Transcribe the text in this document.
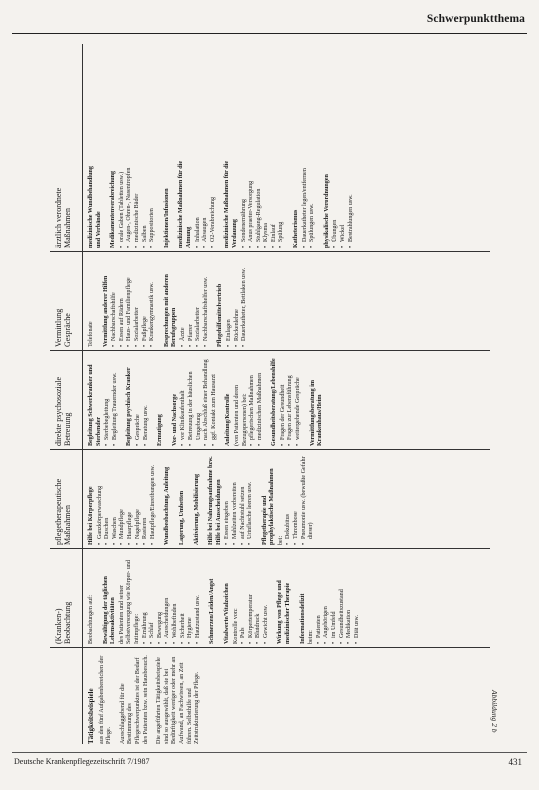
Schwerpunktthema
(Kranken-)
Beobachtung
pflegetherapeutische
Maßnahmen
direkte psychosoziale
Betreuung
Vermittlung
Gespräche
ärztlich verordnete
Maßnahmen
Tätigkeitsbeispiele aus den fünf Aufgabenbereichen der Pflege. Ausschlaggebend für die Bestimmung des Pflegeschwerpunktes ist der Bedarf des Patienten bzw. sein Hausbesuch. Die angeführten Tätigkeitsbeispiele sind so ausgewählt, daß sie bei Bedürftigkeit weniger oder mehr an Aufwand, an Fachwissen, an Zeit führen. Selbsthilfe und Zeitstrukturierung der Pflege.

Beobachtungen auf: Bewältigung der täglichen Lebensaktivitäten des Patienten und seiner Selbstversorgung wie Körper- und Intimpflege: • Ernährung • Schlaf • Bewegung • Ausscheidungen • Wohlbefinden • Sicherheit • Hygiene • Hautzustand usw. Schmerzen/Leiden/Angst Vitalwerte/Vitalzeichen Kontrolle von: • Puls • Körpertemperatur • Blutdruck • Gewicht usw. Wirkung von Pflege und medizinischer Therapie Informationsdefizit beim: • Patienten • Angehörigen • im Umfeld • Gesundheitszustand • Medikation • Diät usw.
Hilfe bei Körperpflege • Ganzkörperwaschung • Duschen • Waschen • Mundpflege • Haarpflege • Nagelpflege • Rasieren • Hautpflege/Einreibungen usw. Wundbeobachtung, Anleitung Lagerung, Umbetten Aktivierung, Mobilisierung Hilfe bei Nahrungsaufnahme bzw. Hilfe bei Ausscheidungen • Essen eingeben • Mahlzeiten vorbereiten • auf Nachtstuhl setzen • Urinflasche leeren usw. Pflegetherapie und prophylaktische Maßnahmen bei:

• Dekubitus • Thrombose • Pneumonie usw. (bewußte Gefahr dieser)
Begleitung Schwerkranker und Sterbender • Sterbebegleitung • Begleitung Trauernder usw. Begleitung psychisch Kranker • Gespräche • Beratung usw. Ermutigung Vor- und Nachsorge • vor Klinikaufenthalt • Betreuung in der häuslichen Umgebung • nach Abschluß einer Behandlung • ggf. Kontakt zum Hausarzt Anleitung/Kontrolle (von Patienten und deren Bezugspersonen) bei: • pflegerischen Maßnahmen • medizinischen Maßnahmen Gesundheitsberatung/Lebenshilfe • Fragen der Gesundheit • Fragen zur Lebensführung • weitergehende Gespräche Vermittlungsberatung im Krankenhaus/Heim

Telefonate Vermittlung anderer Hilfen • Nachbarschaftshilfe • Essen auf Rädern • Haus- und Familienpflege • Sozialarbeiter • Fußpflege • Krankengymnastik usw. Besprechungen mit anderen Berufsgruppen • Ärzte • Pfarrer • Sozialarbeiter • Nachbarschaftshelfer usw. Pflegehilfsmittelvertrieb • Einlagen • Rückenlehne • Dauerkatheter, Bettlaken usw.
medizinische Wundbehandlung und Verbände Medikamentenverabreichung • orale Gaben (Tabletten usw.) • Augen-, Ohren-, Nasentropfen • medizinische Bäder • Salben • Suppositorien Injektionen/Infusionen medizinische Maßnahmen für die Atmung • Inhalation • Absaugen • O2-Verabreichung medizinische Maßnahmen für die Verdauung • Sondenernährung • Anus praeter-Versorgung • Stuhlgang-Regulation • Klysma • Einlauf • Spülung Katheterismus • Dauerkatheter legen/entfernen • Spülungen usw. physikalische Verordnungen • Übungen • Wickel • Bestrahlungen usw.
Abbildung 2 b
Deutsche Krankenpflegezeitschrift 7/1987	431
